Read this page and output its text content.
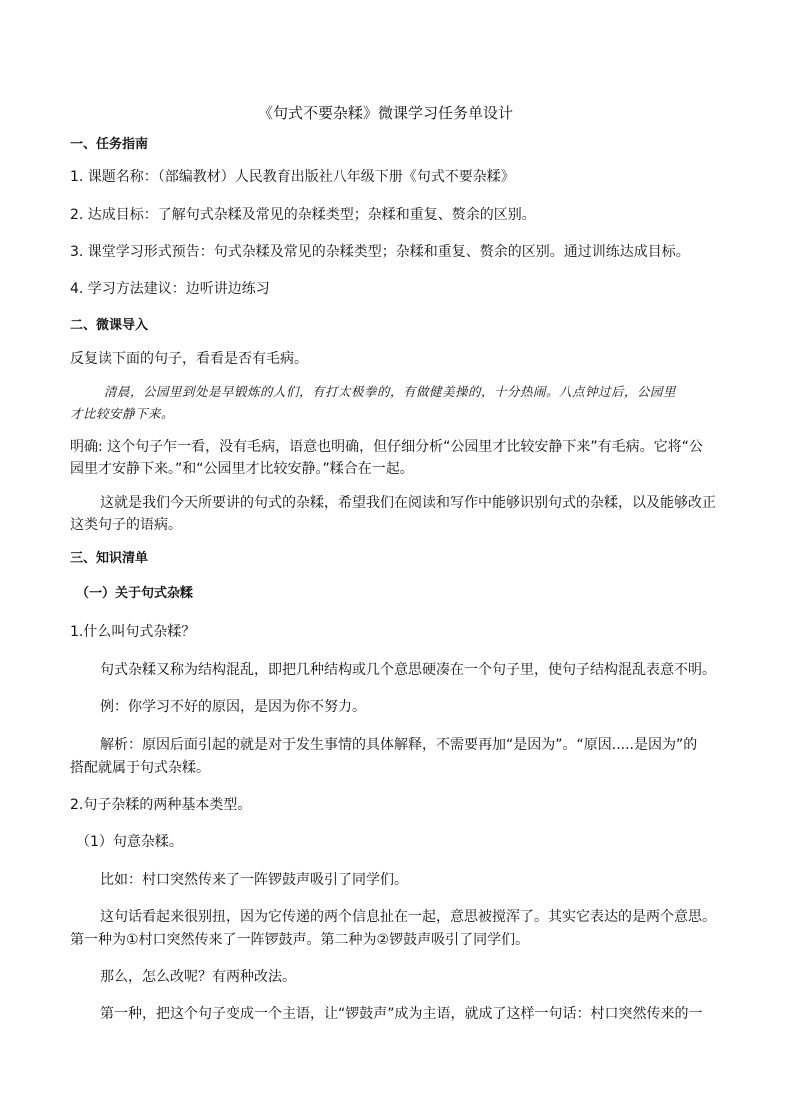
《句式不要杂糅》微课学习任务单设计
一、任务指南
1. 课题名称：（部编教材）人民教育出版社八年级下册《句式不要杂糅》
2. 达成目标：了解句式杂糅及常见的杂糅类型；杂糅和重复、赘余的区别。
3. 课堂学习形式预告：句式杂糅及常见的杂糅类型；杂糅和重复、赘余的区别。通过训练达成目标。
4. 学习方法建议：边听讲边练习
二、微课导入
反复读下面的句子，看看是否有毛病。
清晨，公园里到处是早锻炼的人们，有打太极拳的，有做健美操的，十分热闹。八点钟过后，公园里
才比较安静下来。
明确: 这个句子乍一看，没有毛病，语意也明确，但仔细分析“公园里才比较安静下来”有毛病。它将“公
园里才安静下来。”和“公园里才比较安静。”糅合在一起。
这就是我们今天所要讲的句式的杂糅，希望我们在阅读和写作中能够识别句式的杂糅，以及能够改正
这类句子的语病。
三、知识清单
（一）关于句式杂糅
1.什么叫句式杂糅？
句式杂糅又称为结构混乱，即把几种结构或几个意思硬凑在一个句子里，使句子结构混乱表意不明。
例：你学习不好的原因，是因为你不努力。
解析：原因后面引起的就是对于发生事情的具体解释，不需要再加“是因为”。“原因.....是因为”的
搭配就属于句式杂糅。
2.句子杂糅的两种基本类型。
（1）句意杂糅。
比如：村口突然传来了一阵锣鼓声吸引了同学们。
这句话看起来很别扭，因为它传递的两个信息扯在一起，意思被搅浑了。其实它表达的是两个意思。
第一种为①村口突然传来了一阵锣鼓声。第二种为②锣鼓声吸引了同学们。
那么，怎么改呢？有两种改法。
第一种，把这个句子变成一个主语，让“锣鼓声”成为主语，就成了这样一句话：村口突然传来的一
